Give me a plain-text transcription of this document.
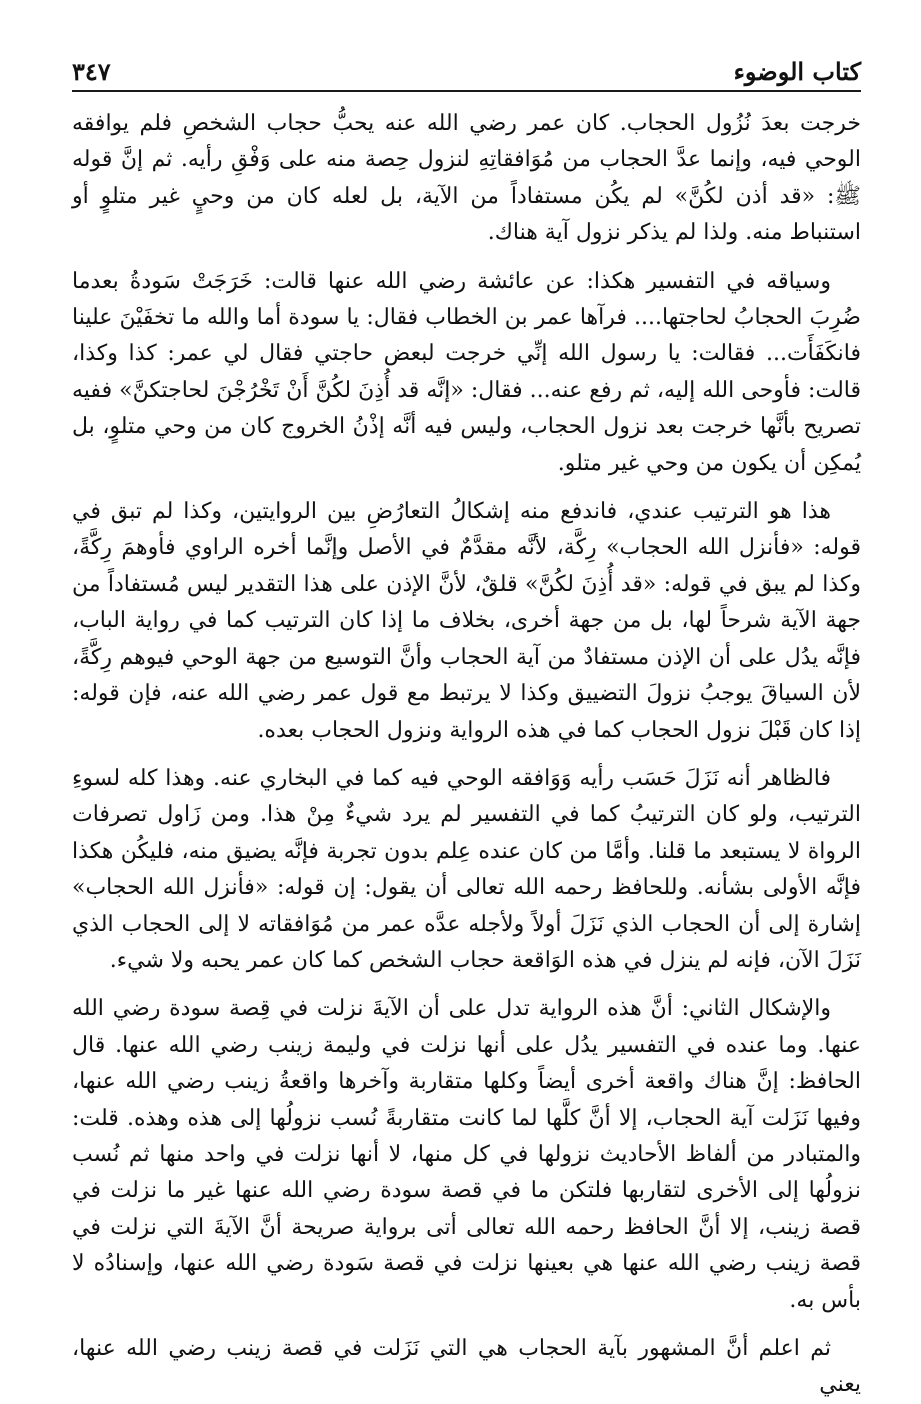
كتاب الوضوء
٣٤٧

خرجت بعدَ نُزُول الحجاب. كان عمر رضي الله عنه يحبُّ حجاب الشخصِ فلم يوافقه الوحي فيه، وإنما عدَّ الحجاب من مُوَافقاتِهِ لنزول حِصة منه على وَفْقِ رأيه. ثم إنَّ قوله ﷺ: «قد أذن لكُنَّ» لم يكُن مستفاداً من الآية، بل لعله كان من وحيٍ غير متلوٍ أو استنباط منه. ولذا لم يذكر نزول آية هناك.

وسياقه في التفسير هكذا: عن عائشة رضي الله عنها قالت: خَرَجَتْ سَودةُ بعدما ضُرِبَ الحجابُ لحاجتها.... فرآها عمر بن الخطاب فقال: يا سودة أما والله ما تخفَيْنَ علينا فانكَفَأَت... فقالت: يا رسول الله إنِّي خرجت لبعض حاجتي فقال لي عمر: كذا وكذا، قالت: فأوحى الله إليه، ثم رفع عنه... فقال: «إنَّه قد أُذِنَ لكُنَّ أَنْ تَخْرُجْنَ لحاجتكنَّ» ففيه تصريح بأنَّها خرجت بعد نزول الحجاب، وليس فيه أنَّه إذْنُ الخروج كان من وحي متلوٍ، بل يُمكِن أن يكون من وحي غير متلو.

هذا هو الترتيب عندي، فاندفع منه إشكالُ التعارُضِ بين الروايتين، وكذا لم تبق في قوله: «فأنزل الله الحجاب» رِكَّة، لأنَّه مقدَّمٌ في الأصل وإنَّما أخره الراوي فأوهمَ رِكَّةً، وكذا لم يبق في قوله: «قد أُذِنَ لكُنَّ» قلقٌ، لأنَّ الإذن على هذا التقدير ليس مُستفاداً من جهة الآية شرحاً لها، بل من جهة أخرى، بخلاف ما إذا كان الترتيب كما في رواية الباب، فإنَّه يدُل على أن الإذن مستفادٌ من آية الحجاب وأنَّ التوسيع من جهة الوحي فيوهم رِكَّةً، لأن السياقَ يوجبُ نزولَ التضييق وكذا لا يرتبط مع قول عمر رضي الله عنه، فإن قوله: إذا كان قَبْلَ نزول الحجاب كما في هذه الرواية ونزول الحجاب بعده.

فالظاهر أنه نَزَلَ حَسَب رأيه وَوَافقه الوحي فيه كما في البخاري عنه. وهذا كله لسوءِ الترتيب، ولو كان الترتيبُ كما في التفسير لم يرد شيءٌ مِنْ هذا. ومن زَاول تصرفات الرواة لا يستبعد ما قلنا. وأمَّا من كان عنده عِلم بدون تجربة فإنَّه يضيق منه، فليكُن هكذا فإنَّه الأولى بشأنه. وللحافظ رحمه الله تعالى أن يقول: إن قوله: «فأنزل الله الحجاب» إشارة إلى أن الحجاب الذي نَزَلَ أولاً ولأجله عدَّه عمر من مُوَافقاته لا إلى الحجاب الذي نَزَلَ الآن، فإنه لم ينزل في هذه الوَاقعة حجاب الشخص كما كان عمر يحبه ولا شيء.

والإشكال الثاني: أنَّ هذه الرواية تدل على أن الآيةَ نزلت في قِصة سودة رضي الله عنها. وما عنده في التفسير يدُل على أنها نزلت في وليمة زينب رضي الله عنها. قال الحافظ: إنَّ هناك واقعة أخرى أيضاً وكلها متقاربة وآخرها واقعةُ زينب رضي الله عنها، وفيها نَزَلت آية الحجاب، إلا أنَّ كلَّها لما كانت متقاربةً نُسب نزولُها إلى هذه وهذه. قلت: والمتبادر من ألفاظ الأحاديث نزولها في كل منها، لا أنها نزلت في واحد منها ثم نُسب نزولُها إلى الأخرى لتقاربها فلتكن ما في قصة سودة رضي الله عنها غير ما نزلت في قصة زينب، إلا أنَّ الحافظ رحمه الله تعالى أتى برواية صريحة أنَّ الآيةَ التي نزلت في قصة زينب رضي الله عنها هي بعينها نزلت في قصة سَودة رضي الله عنها، وإسنادُه لا بأس به.

ثم اعلم أنَّ المشهور بآية الحجاب هي التي نَزَلت في قصة زينب رضي الله عنها، يعني
